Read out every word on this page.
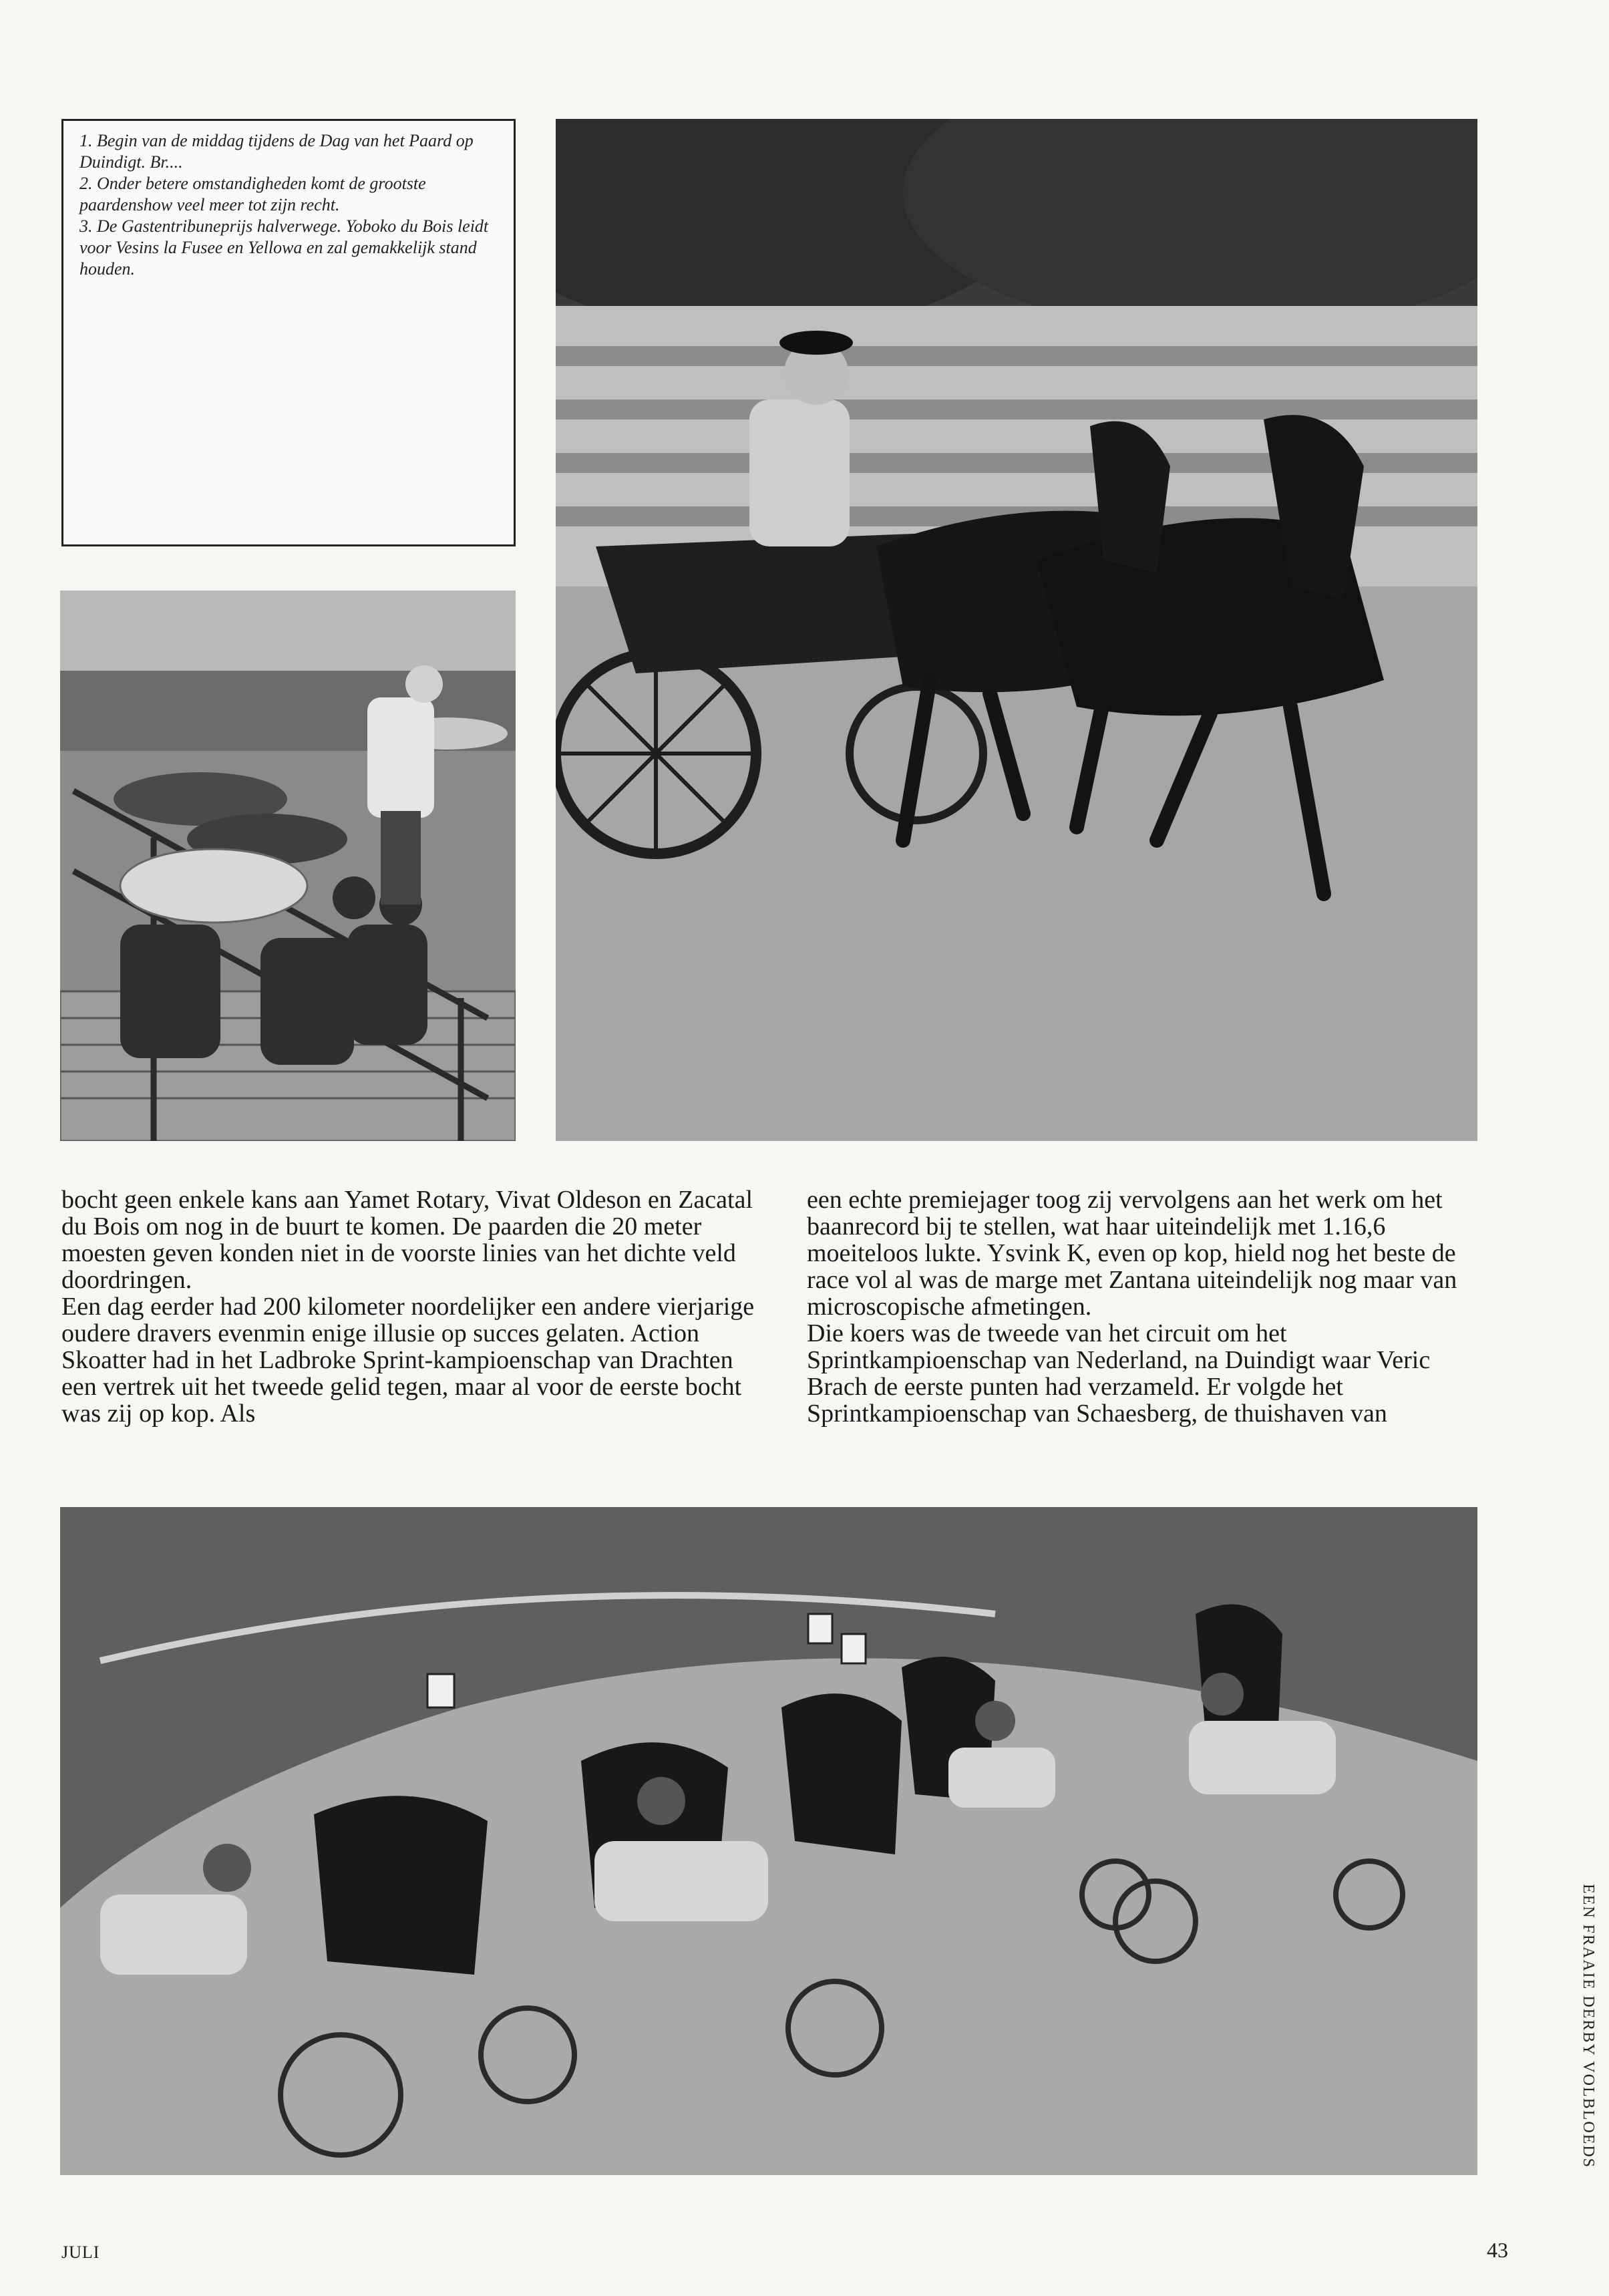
1. Begin van de middag tijdens de Dag van het Paard op Duindigt. Br....

2. Onder betere omstandigheden komt de grootste paardenshow veel meer tot zijn recht.

3. De Gastentribuneprijs halverwege. Yoboko du Bois leidt voor Vesins la Fusee en Yellowa en zal gemakkelijk stand houden.

bocht geen enkele kans aan Yamet Rotary, Vivat Oldeson en Zacatal du Bois om nog in de buurt te komen. De paarden die 20 meter moesten geven konden niet in de voorste linies van het dichte veld doordringen.

Een dag eerder had 200 kilometer noordelijker een andere vierjarige oudere dravers evenmin enige illusie op succes gelaten. Action Skoatter had in het Ladbroke Sprint-kampioenschap van Drachten een vertrek uit het tweede gelid tegen, maar al voor de eerste bocht was zij op kop. Als

een echte premiejager toog zij vervolgens aan het werk om het baanrecord bij te stellen, wat haar uiteindelijk met 1.16,6 moeiteloos lukte. Ysvink K, even op kop, hield nog het beste de race vol al was de marge met Zantana uiteindelijk nog maar van microscopische afmetingen.

Die koers was de tweede van het circuit om het Sprintkampioenschap van Nederland, na Duindigt waar Veric Brach de eerste punten had verzameld. Er volgde het Sprintkampioenschap van Schaesberg, de thuishaven van

EEN FRAAIE DERBY VOLBLOEDS
JULI	43
